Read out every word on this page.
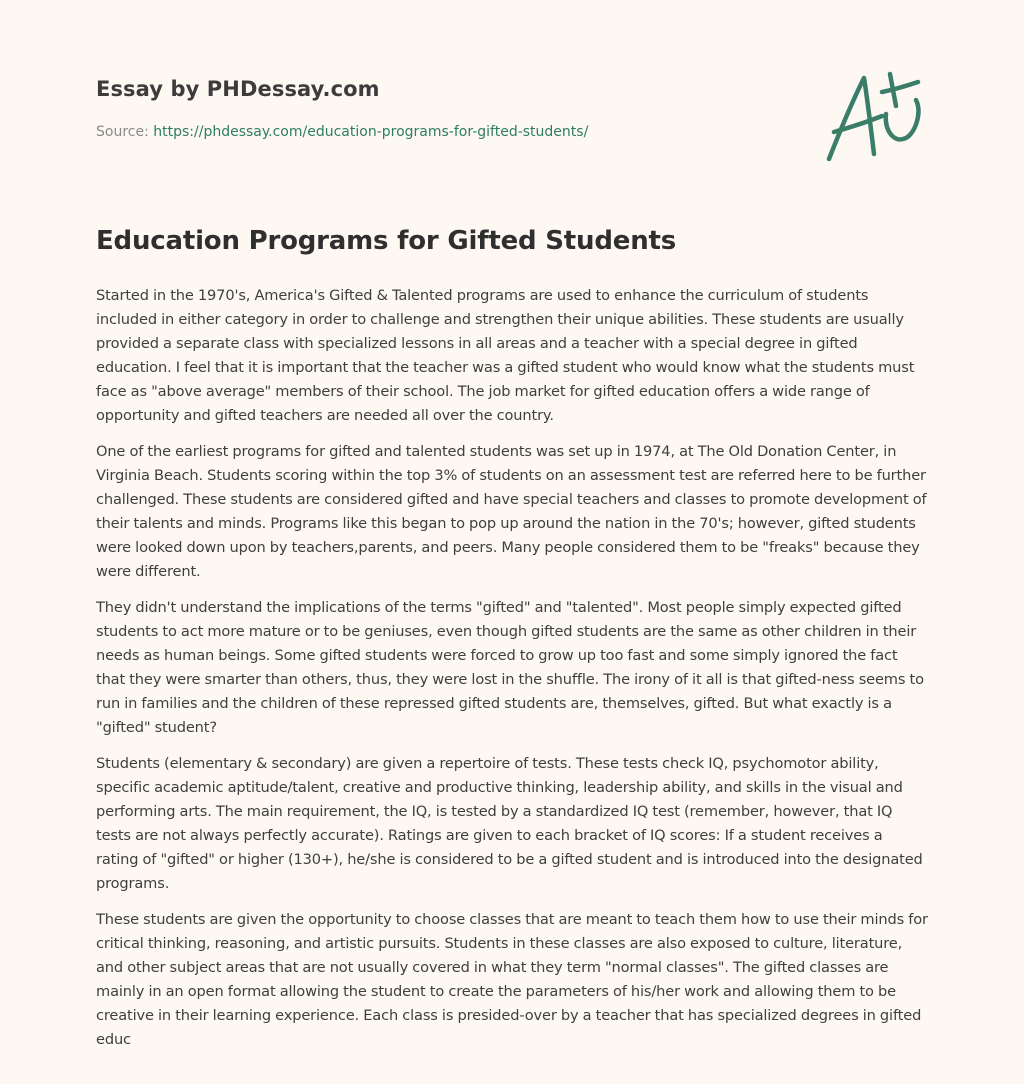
Essay by PHDessay.com
Source: https://phdessay.com/education-programs-for-gifted-students/
Education Programs for Gifted Students

Started in the 1970's, America's Gifted & Talented programs are used to enhance the curriculum of students included in either category in order to challenge and strengthen their unique abilities. These students are usually provided a separate class with specialized lessons in all areas and a teacher with a special degree in gifted education. I feel that it is important that the teacher was a gifted student who would know what the students must face as "above average" members of their school. The job market for gifted education offers a wide range of opportunity and gifted teachers are needed all over the country.

One of the earliest programs for gifted and talented students was set up in 1974, at The Old Donation Center, in Virginia Beach. Students scoring within the top 3% of students on an assessment test are referred here to be further challenged. These students are considered gifted and have special teachers and classes to promote development of their talents and minds. Programs like this began to pop up around the nation in the 70's; however, gifted students were looked down upon by teachers,parents, and peers. Many people considered them to be "freaks" because they were different.

They didn't understand the implications of the terms "gifted" and "talented". Most people simply expected gifted students to act more mature or to be geniuses, even though gifted students are the same as other children in their needs as human beings. Some gifted students were forced to grow up too fast and some simply ignored the fact that they were smarter than others, thus, they were lost in the shuffle. The irony of it all is that gifted-ness seems to run in families and the children of these repressed gifted students are, themselves, gifted. But what exactly is a "gifted" student?

Students (elementary & secondary) are given a repertoire of tests. These tests check IQ, psychomotor ability, specific academic aptitude/talent, creative and productive thinking, leadership ability, and skills in the visual and performing arts. The main requirement, the IQ, is tested by a standardized IQ test (remember, however, that IQ tests are not always perfectly accurate). Ratings are given to each bracket of IQ scores: If a student receives a rating of "gifted" or higher (130+), he/she is considered to be a gifted student and is introduced into the designated programs.

These students are given the opportunity to choose classes that are meant to teach them how to use their minds for critical thinking, reasoning, and artistic pursuits. Students in these classes are also exposed to culture, literature, and other subject areas that are not usually covered in what they term "normal classes". The gifted classes are mainly in an open format allowing the student to create the parameters of his/her work and allowing them to be creative in their learning experience. Each class is presided-over by a teacher that has specialized degrees in gifted educ
